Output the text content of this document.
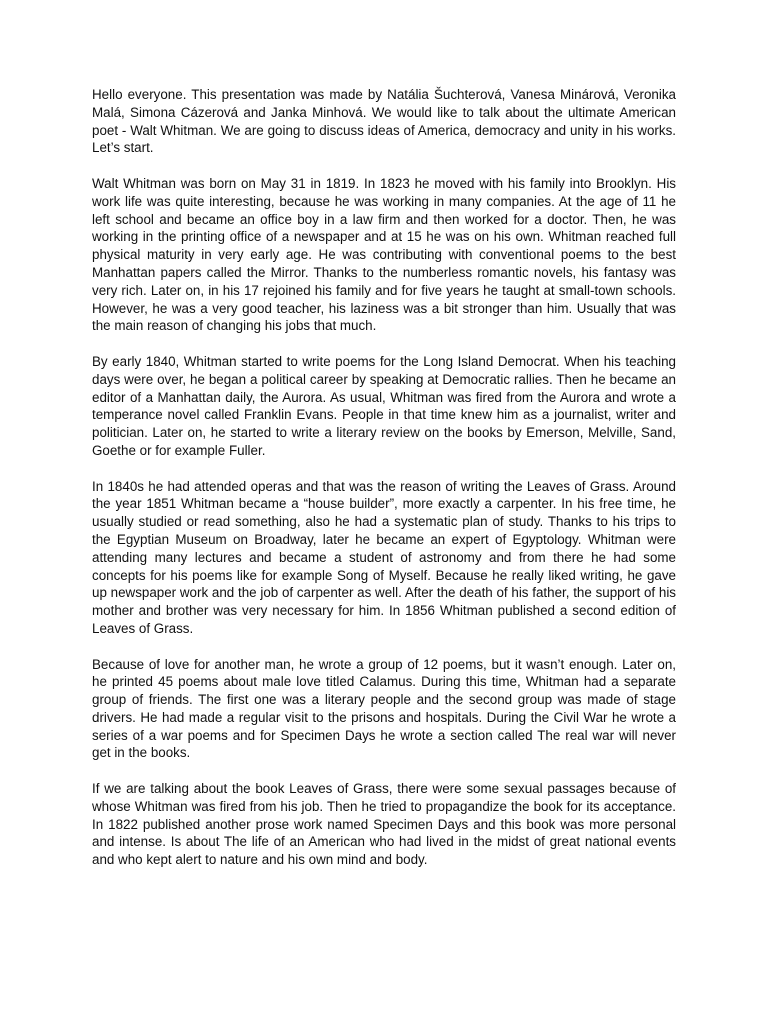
Hello everyone. This presentation was made by Natália Šuchterová, Vanesa Minárová, Veronika Malá, Simona Cázerová and Janka Minhová. We would like to talk about the ultimate American poet - Walt Whitman. We are going to discuss ideas of America, democracy and unity in his works. Let’s start.

Walt Whitman was born on May 31 in 1819. In 1823 he moved with his family into Brooklyn. His work life was quite interesting, because he was working in many companies. At the age of 11 he left school and became an office boy in a law firm and then worked for a doctor. Then, he was working in the printing office of a newspaper and at 15 he was on his own. Whitman reached full physical maturity in very early age. He was contributing with conventional poems to the best Manhattan papers called the Mirror. Thanks to the numberless romantic novels, his fantasy was very rich. Later on, in his 17 rejoined his family and for five years he taught at small-town schools. However, he was a very good teacher, his laziness was a bit stronger than him. Usually that was the main reason of changing his jobs that much.

By early 1840, Whitman started to write poems for the Long Island Democrat. When his teaching days were over, he began a political career by speaking at Democratic rallies. Then he became an editor of a Manhattan daily, the Aurora. As usual, Whitman was fired from the Aurora and wrote a temperance novel called Franklin Evans. People in that time knew him as a journalist, writer and politician. Later on, he started to write a literary review on the books by Emerson, Melville, Sand, Goethe or for example Fuller.

In 1840s he had attended operas and that was the reason of writing the Leaves of Grass. Around the year 1851 Whitman became a “house builder”, more exactly a carpenter. In his free time, he usually studied or read something, also he had a systematic plan of study. Thanks to his trips to the Egyptian Museum on Broadway, later he became an expert of Egyptology. Whitman were attending many lectures and became a student of astronomy and from there he had some concepts for his poems like for example Song of Myself. Because he really liked writing, he gave up newspaper work and the job of carpenter as well. After the death of his father, the support of his mother and brother was very necessary for him. In 1856 Whitman published a second edition of Leaves of Grass.

Because of love for another man, he wrote a group of 12 poems, but it wasn’t enough. Later on, he printed 45 poems about male love titled Calamus. During this time, Whitman had a separate group of friends. The first one was a literary people and the second group was made of stage drivers. He had made a regular visit to the prisons and hospitals. During the Civil War he wrote a series of a war poems and for Specimen Days he wrote a section called The real war will never get in the books.

If we are talking about the book Leaves of Grass, there were some sexual passages because of whose Whitman was fired from his job. Then he tried to propagandize the book for its acceptance. In 1822 published another prose work named Specimen Days and this book was more personal and intense. Is about The life of an American who had lived in the midst of great national events and who kept alert to nature and his own mind and body.
